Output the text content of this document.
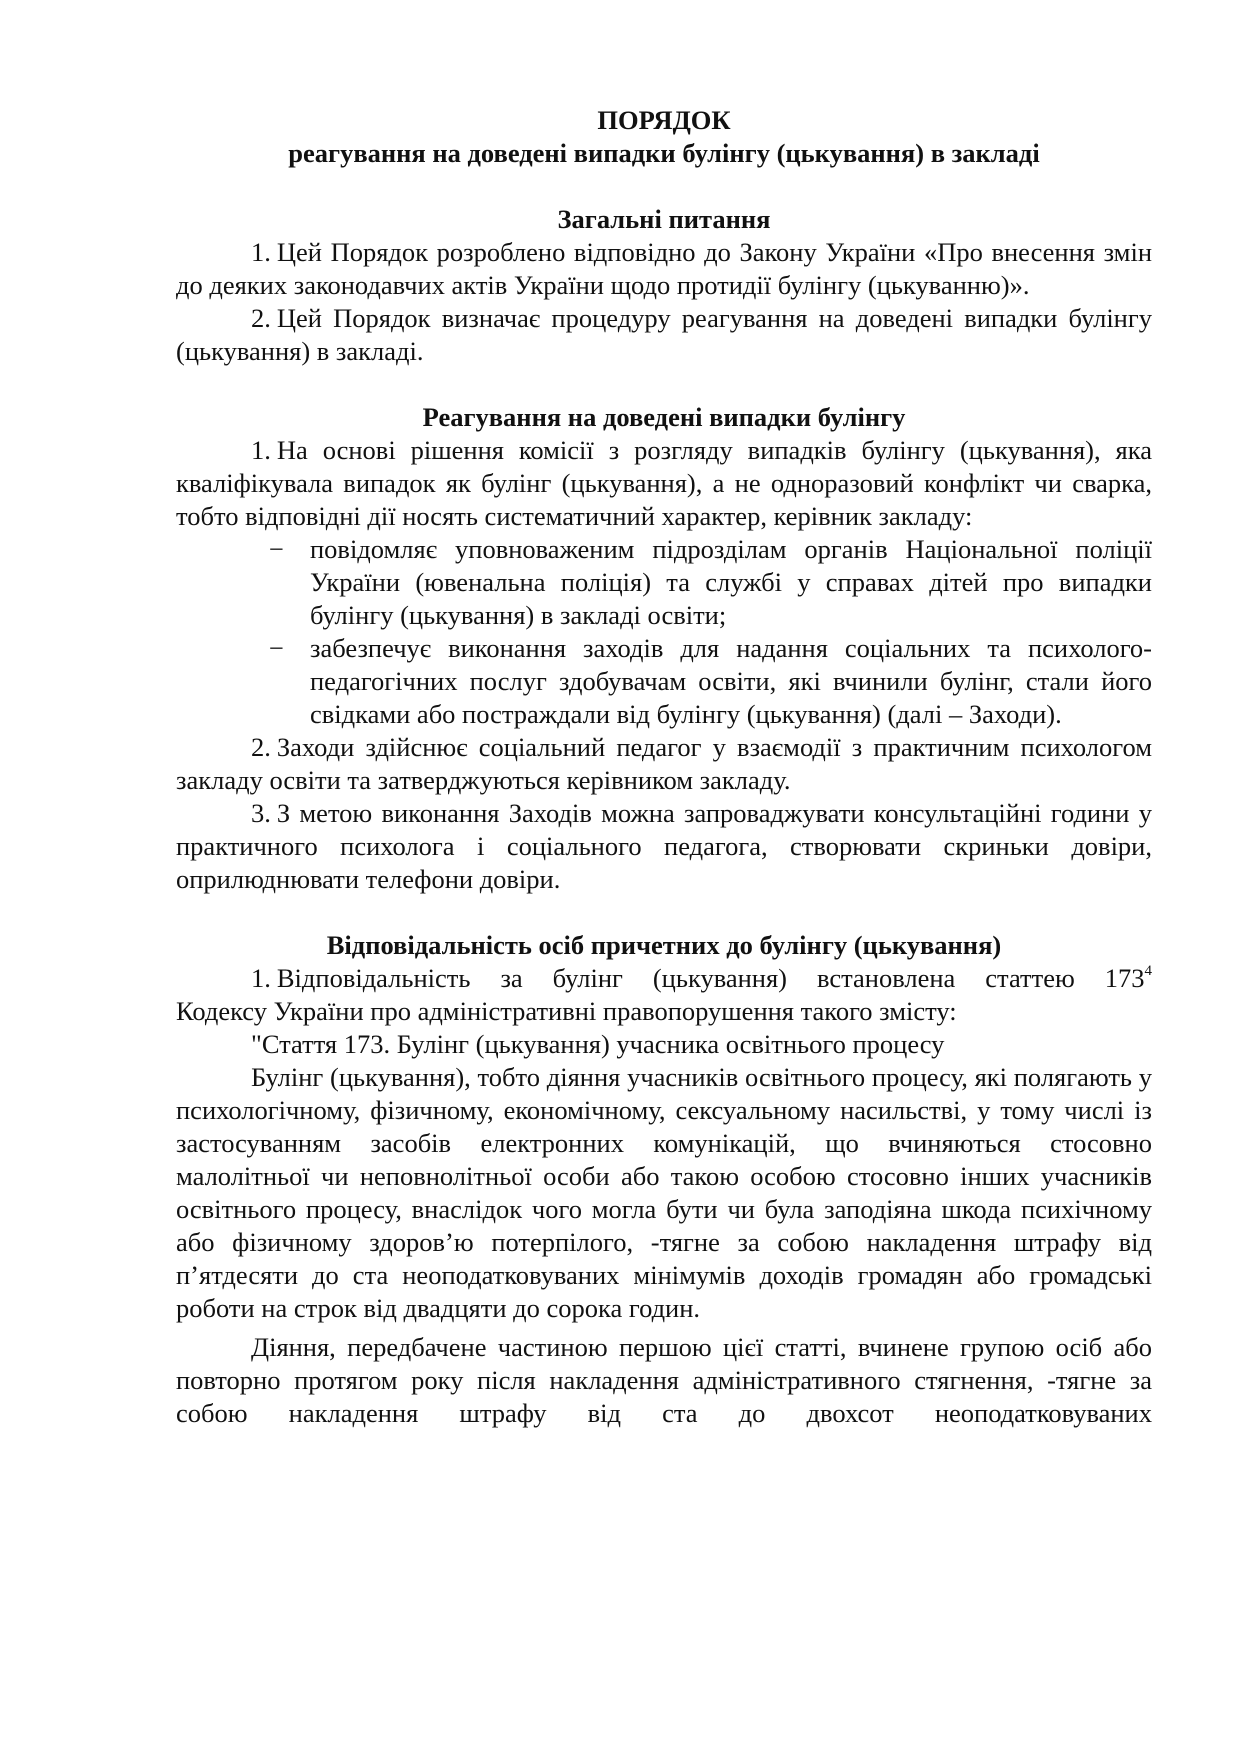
ПОРЯДОК
реагування на доведені випадки булінгу (цькування) в закладі
Загальні питання

1. Цей Порядок розроблено відповідно до Закону України «Про внесення змін до деяких законодавчих актів України щодо протидії булінгу (цькуванню)».

2. Цей Порядок визначає процедуру реагування на доведені випадки булінгу (цькування) в закладі.

Реагування на доведені випадки булінгу

1. На основі рішення комісії з розгляду випадків булінгу (цькування), яка кваліфікувала випадок як булінг (цькування), а не одноразовий конфлікт чи сварка, тобто відповідні дії носять систематичний характер, керівник закладу:

− повідомляє уповноваженим підрозділам органів Національної поліції України (ювенальна поліція) та службі у справах дітей про випадки булінгу (цькування) в закладі освіти;
− забезпечує виконання заходів для надання соціальних та психолого-педагогічних послуг здобувачам освіти, які вчинили булінг, стали його свідками або постраждали від булінгу (цькування) (далі – Заходи).

2. Заходи здійснює соціальний педагог у взаємодії з практичним психологом закладу освіти та затверджуються керівником закладу.

3. З метою виконання Заходів можна запроваджувати консультаційні години у практичного психолога і соціального педагога, створювати скриньки довіри, оприлюднювати телефони довіри.

Відповідальність осіб причетних до булінгу (цькування)

1. Відповідальність за булінг (цькування) встановлена статтею $173^4$

Кодексу України про адміністративні правопорушення такого змісту:

"Стаття 173. Булінг (цькування) учасника освітнього процесу

Булінг (цькування), тобто діяння учасників освітнього процесу, які полягають у психологічному, фізичному, економічному, сексуальному насильстві, у тому числі із застосуванням засобів електронних комунікацій, що вчиняються стосовно малолітньої чи неповнолітньої особи або такою особою стосовно інших учасників освітнього процесу, внаслідок чого могла бути чи була заподіяна шкода психічному або фізичному здоров’ю потерпілого, -тягне за собою накладення штрафу від п’ятдесяти до ста неоподатковуваних мінімумів доходів громадян або громадські роботи на строк від двадцяти до сорока годин.

Діяння, передбачене частиною першою цієї статті, вчинене групою осіб або повторно протягом року після накладення адміністративного стягнення, -тягне за собою накладення штрафу від ста до двохсот неоподатковуваних
